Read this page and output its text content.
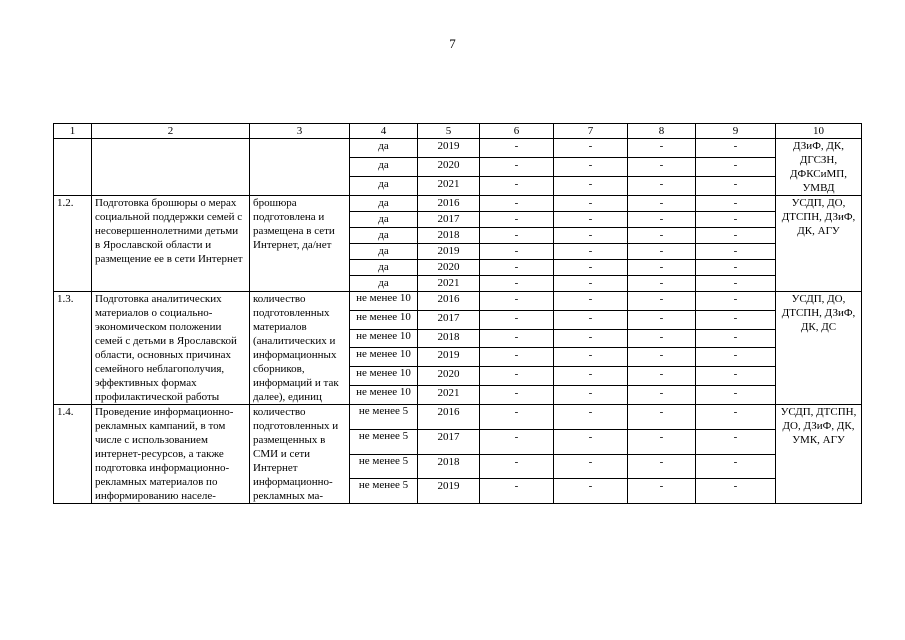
7
1	2	3	4	5	6	7	8	9	10
			да	2019	-	-	-	-	ДЗиФ, ДК, ДГСЗН, ДФКСиМП, УМВД
			да	2020	-	-	-	-	
			да	2021	-	-	-	-	
1.2.	Подготовка брошюры о мерах социальной поддержки семей с несовершеннолетними детьми в Ярославской области и размещение ее в сети Интернет	брошюра подготовлена и размещена в сети Интернет, да/нет	да	2016	-	-	-	-	УСДП, ДО, ДТСПН, ДЗиФ, ДК, АГУ
			да	2017	-	-	-	-	
			да	2018	-	-	-	-	
			да	2019	-	-	-	-	
			да	2020	-	-	-	-	
			да	2021	-	-	-	-	
1.3.	Подготовка аналитических материалов о социально-экономическом положении семей с детьми в Ярославской области, основных причинах семейного неблагополучия, эффективных формах профилактической работы	количество подготовленных материалов (аналитических и информационных сборников, информаций и так далее), единиц	не менее 10	2016	-	-	-	-	УСДП, ДО, ДТСПН, ДЗиФ, ДК, ДС
			не менее 10	2017	-	-	-	-	
			не менее 10	2018	-	-	-	-	
			не менее 10	2019	-	-	-	-	
			не менее 10	2020	-	-	-	-	
			не менее 10	2021	-	-	-	-	
1.4.	Проведение информационно-рекламных кампаний, в том числе с использованием интернет-ресурсов, а также подготовка информационно-рекламных материалов по информированию населе-	количество подготовленных и размещенных в СМИ и сети Интернет информационно-рекламных ма-	не менее 5	2016	-	-	-	-	УСДП, ДТСПН, ДО, ДЗиФ, ДК, УМК, АГУ
			не менее 5	2017	-	-	-	-	
			не менее 5	2018	-	-	-	-	
			не менее 5	2019	-	-	-	-	
